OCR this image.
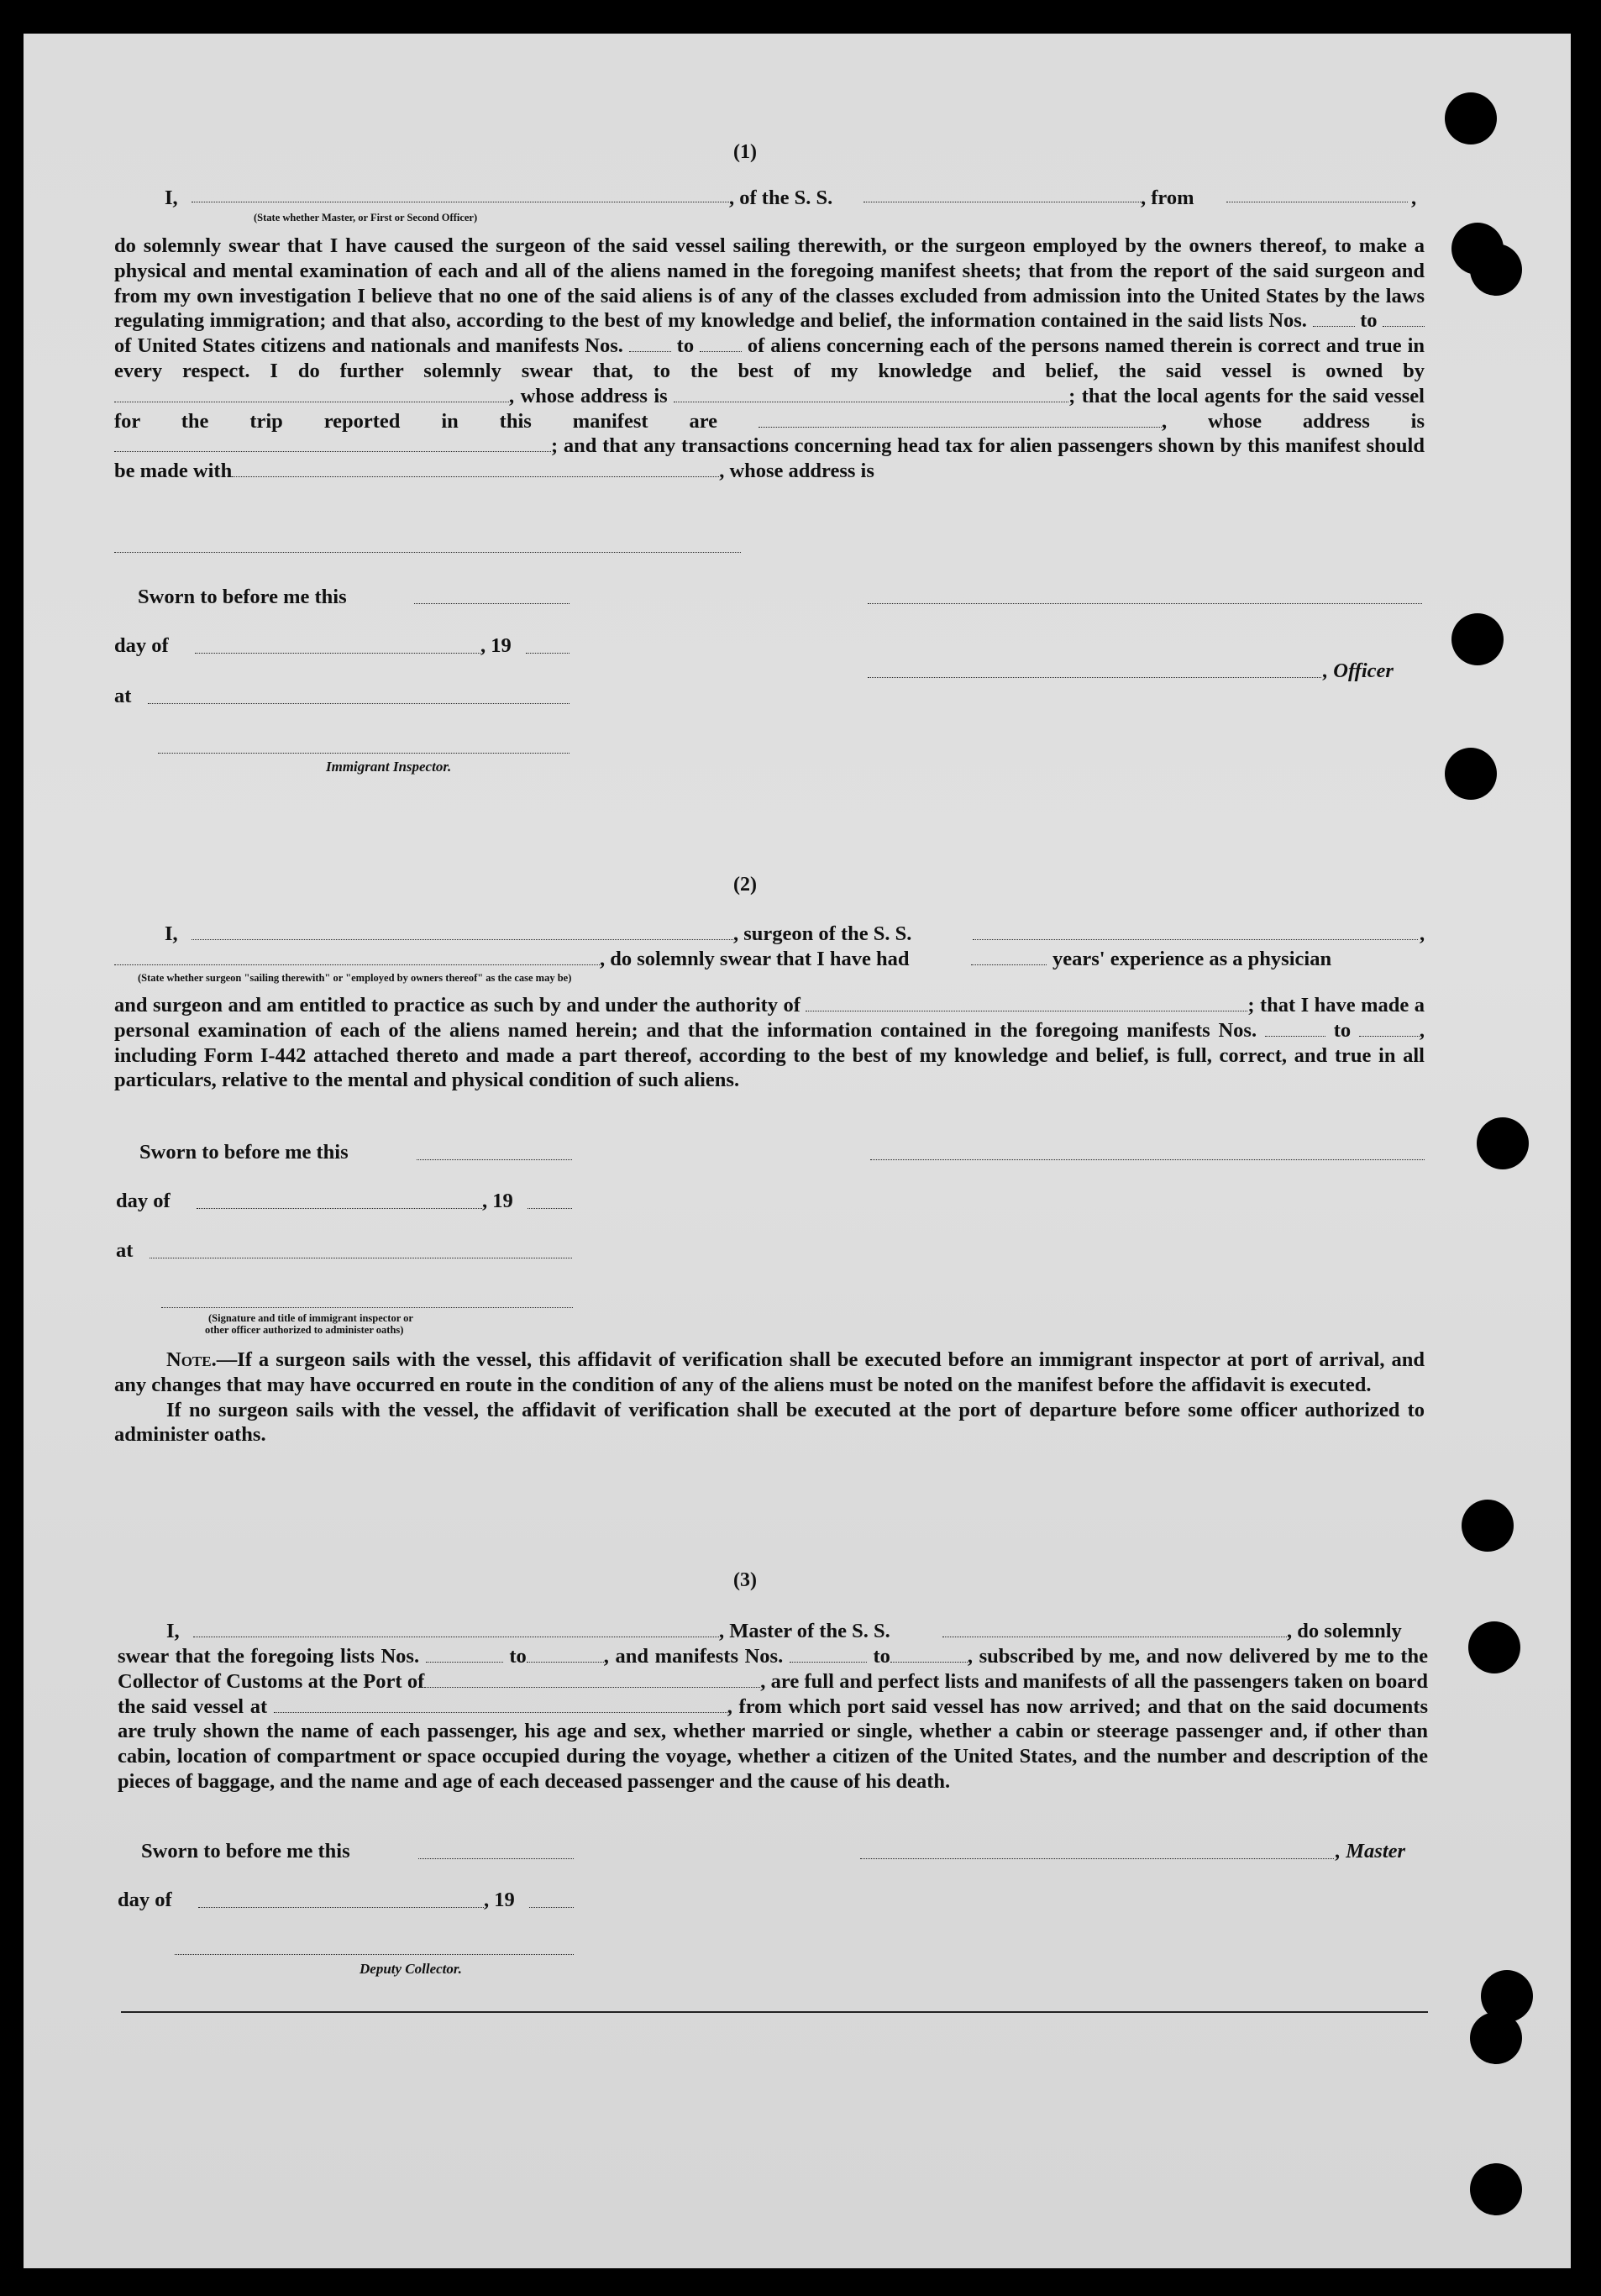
(1)
I,	, of the S. S.	, from	,
(State whether Master, or First or Second Officer)

do solemnly swear that I have caused the surgeon of the said vessel sailing therewith, or the surgeon employed by the owners thereof, to make a physical and mental examination of each and all of the aliens named in the foregoing manifest sheets; that from the report of the said surgeon and from my own investigation I believe that no one of the said aliens is of any of the classes excluded from admission into the United States by the laws regulating immigration; and that also, according to the best of my knowledge and belief, the information contained in the said lists Nos.	to  of United States citizens and nationals and manifests Nos.	to	of aliens concerning each of the persons named therein is correct and true in every respect. I do further solemnly swear that, to the best of my knowledge and belief, the said vessel is owned by , whose address is	; that the local agents for the said vessel for the trip reported in this manifest are	, whose address is ; and that any transactions concerning head tax for alien passengers shown by this manifest should be made with	, whose address is

Sworn to before me this
day of	, 19
, Officer
at
Immigrant Inspector.
(2)
I,	, surgeon of the S. S.	,
, do solemnly swear that I have had	years' experience as a physician
(State whether surgeon "sailing therewith" or "employed by owners thereof" as the case may be)

and surgeon and am entitled to practice as such by and under the authority of	; that I have made a personal examination of each of the aliens named herein; and that the information contained in the foregoing manifests Nos.	to	, including Form I-442 attached thereto and made a part thereof, according to the best of my knowledge and belief, is full, correct, and true in all particulars, relative to the mental and physical condition of such aliens.

Sworn to before me this
day of	, 19
at
(Signature and title of immigrant inspector or
other officer authorized to administer oaths)

Note.—If a surgeon sails with the vessel, this affidavit of verification shall be executed before an immigrant inspector at port of arrival, and any changes that may have occurred en route in the condition of any of the aliens must be noted on the manifest before the affidavit is executed.

If no surgeon sails with the vessel, the affidavit of verification shall be executed at the port of departure before some officer authorized to administer oaths.

(3)
I,	, Master of the S. S.	, do solemnly

swear that the foregoing lists Nos.	to	, and manifests Nos.	to	, subscribed by me, and now delivered by me to the Collector of Customs at the Port of	, are full and perfect lists and manifests of all the passengers taken on board the said vessel at	, from which port said vessel has now arrived; and that on the said documents are truly shown the name of each passenger, his age and sex, whether married or single, whether a cabin or steerage passenger and, if other than cabin, location of compartment or space occupied during the voyage, whether a citizen of the United States, and the number and description of the pieces of baggage, and the name and age of each deceased passenger and the cause of his death.

Sworn to before me this	, Master
day of	, 19
Deputy Collector.
